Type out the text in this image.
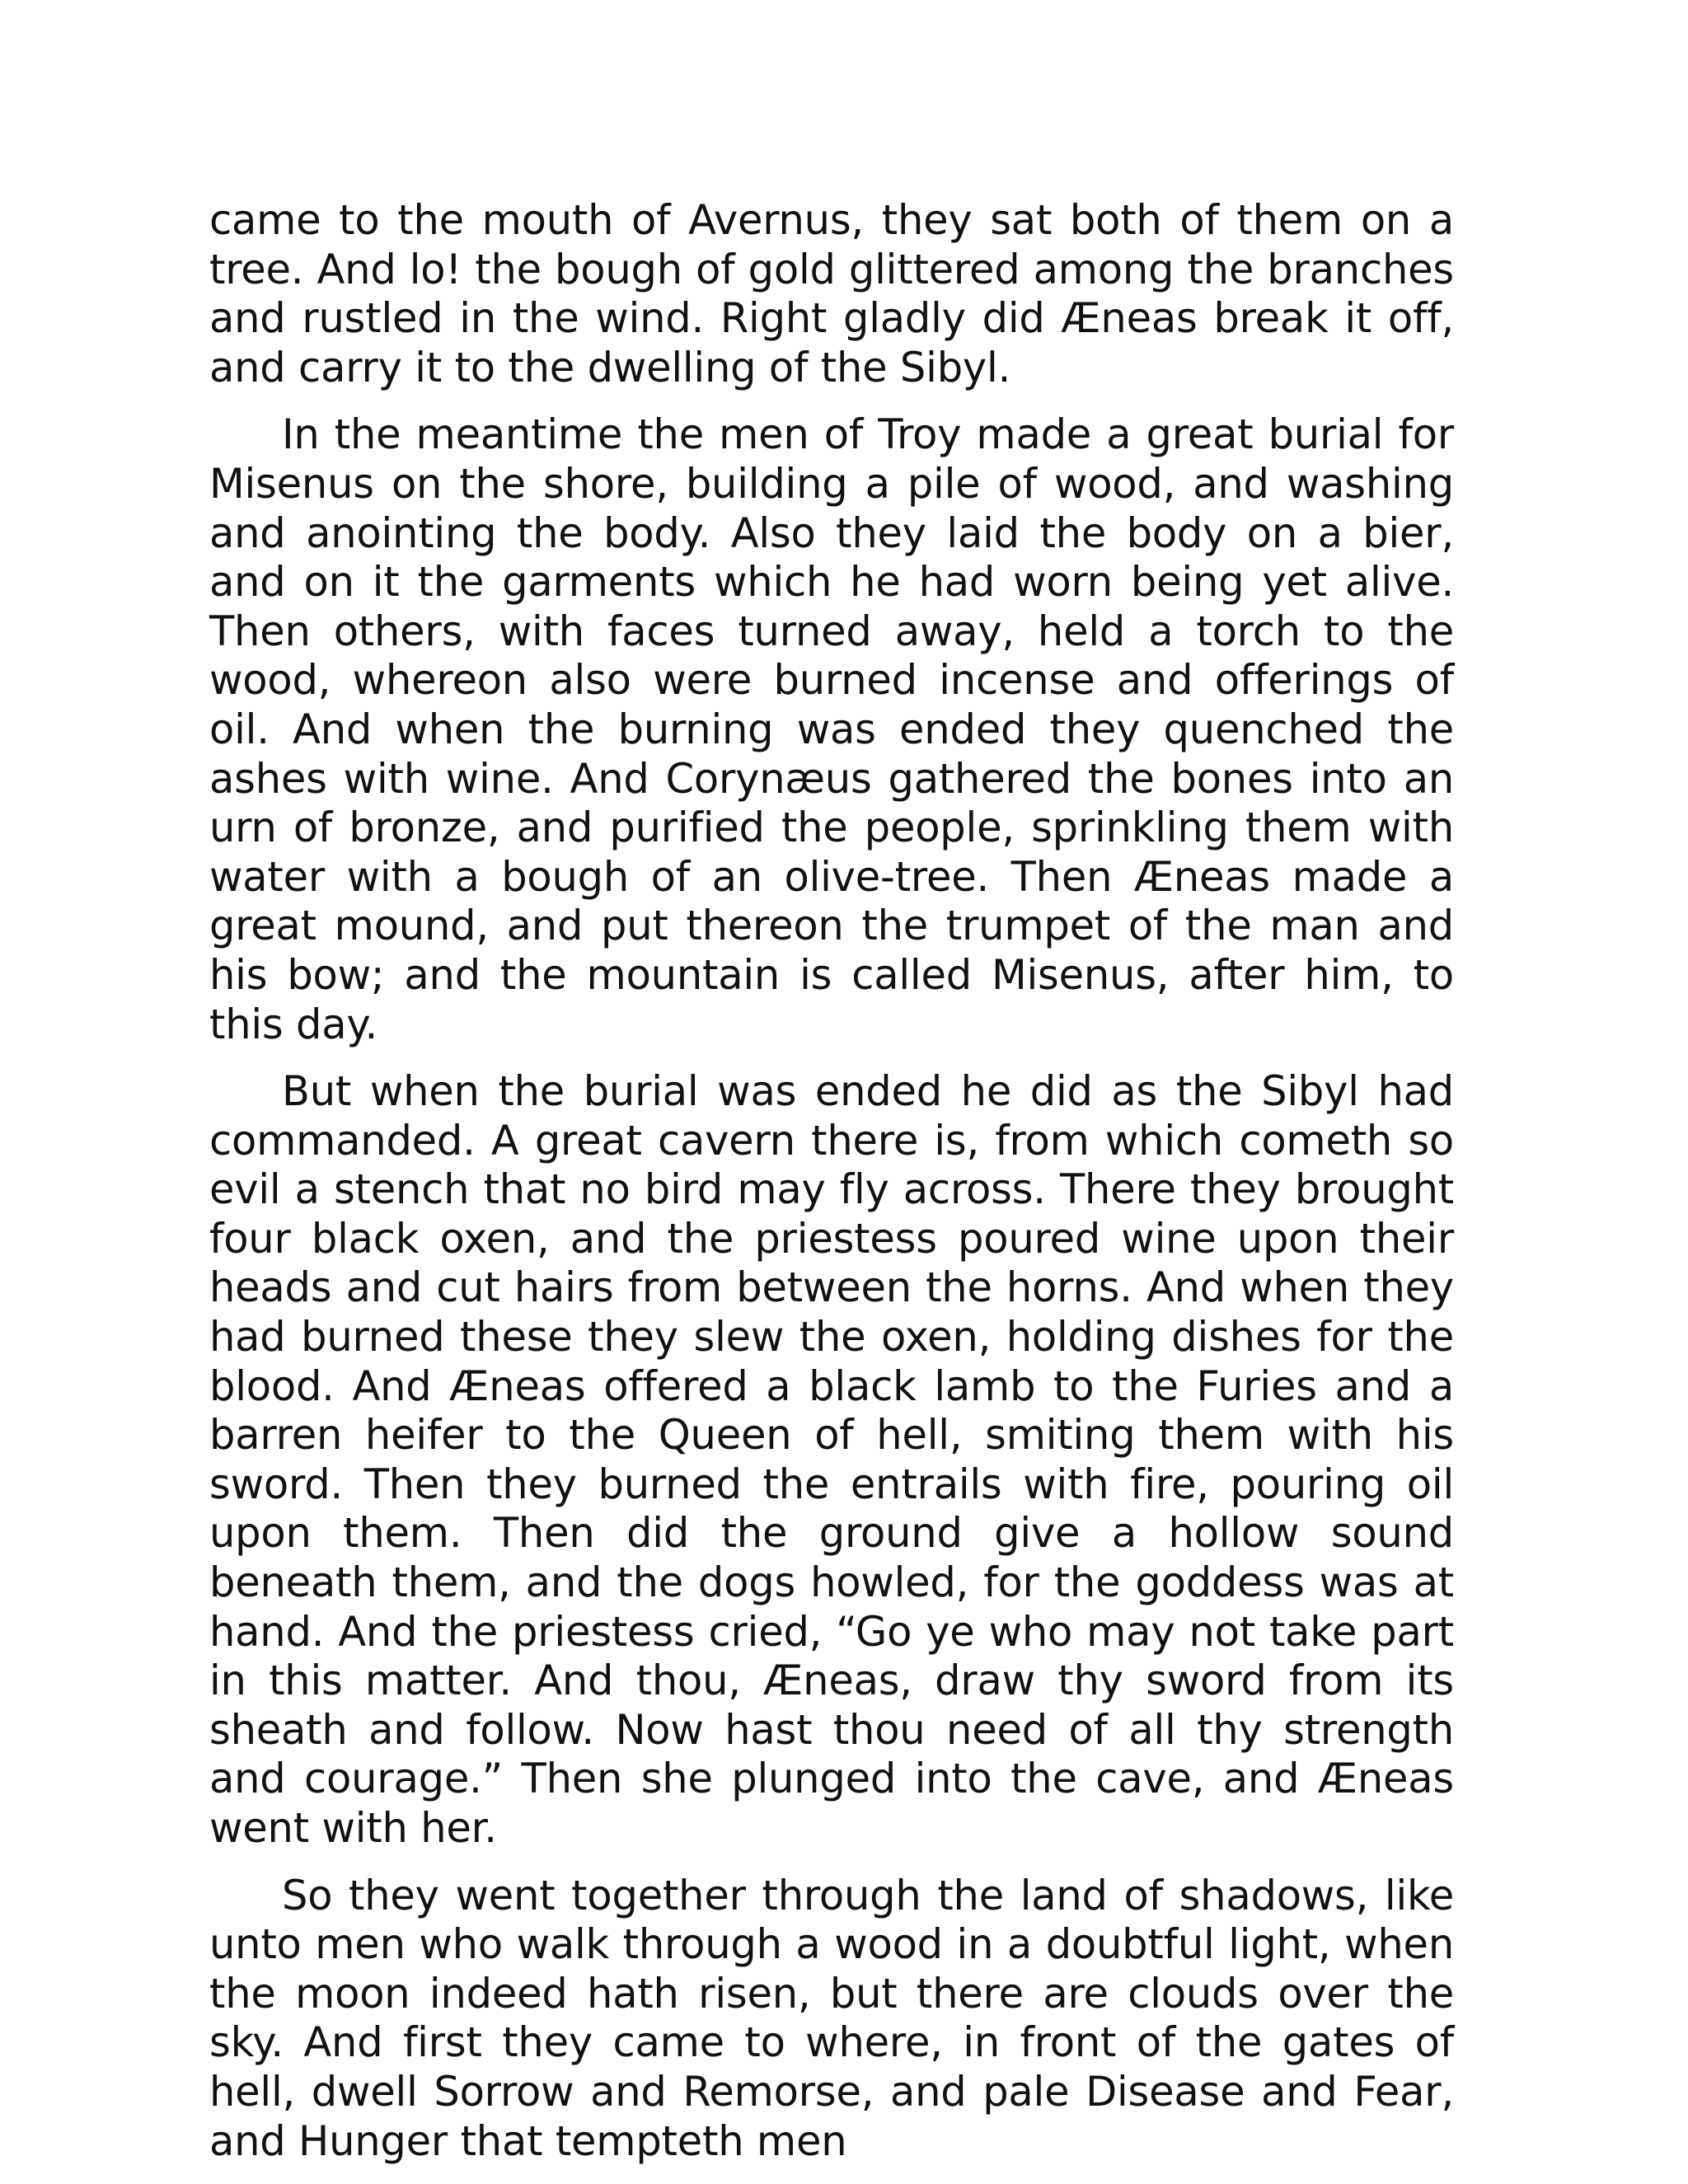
came to the mouth of Avernus, they sat both of them on a tree. And lo! the bough of gold glittered among the branches and rustled in the wind. Right gladly did Æneas break it off, and carry it to the dwelling of the Sibyl.

In the meantime the men of Troy made a great burial for Misenus on the shore, building a pile of wood, and washing and anointing the body. Also they laid the body on a bier, and on it the garments which he had worn being yet alive. Then others, with faces turned away, held a torch to the wood, whereon also were burned incense and offerings of oil. And when the burning was ended they quenched the ashes with wine. And Corynæus gathered the bones into an urn of bronze, and purified the people, sprinkling them with water with a bough of an olive-tree. Then Æneas made a great mound, and put thereon the trumpet of the man and his bow; and the mountain is called Misenus, after him, to this day.

But when the burial was ended he did as the Sibyl had commanded. A great cavern there is, from which cometh so evil a stench that no bird may fly across. There they brought four black oxen, and the priestess poured wine upon their heads and cut hairs from between the horns. And when they had burned these they slew the oxen, holding dishes for the blood. And Æneas offered a black lamb to the Furies and a barren heifer to the Queen of hell, smiting them with his sword. Then they burned the entrails with fire, pouring oil upon them. Then did the ground give a hollow sound beneath them, and the dogs howled, for the goddess was at hand. And the priestess cried, “Go ye who may not take part in this matter. And thou, Æneas, draw thy sword from its sheath and follow. Now hast thou need of all thy strength and courage.” Then she plunged into the cave, and Æneas went with her.

So they went together through the land of shadows, like unto men who walk through a wood in a doubtful light, when the moon indeed hath risen, but there are clouds over the sky. And first they came to where, in front of the gates of hell, dwell Sorrow and Remorse, and pale Disease and Fear, and Hunger that tempteth men
